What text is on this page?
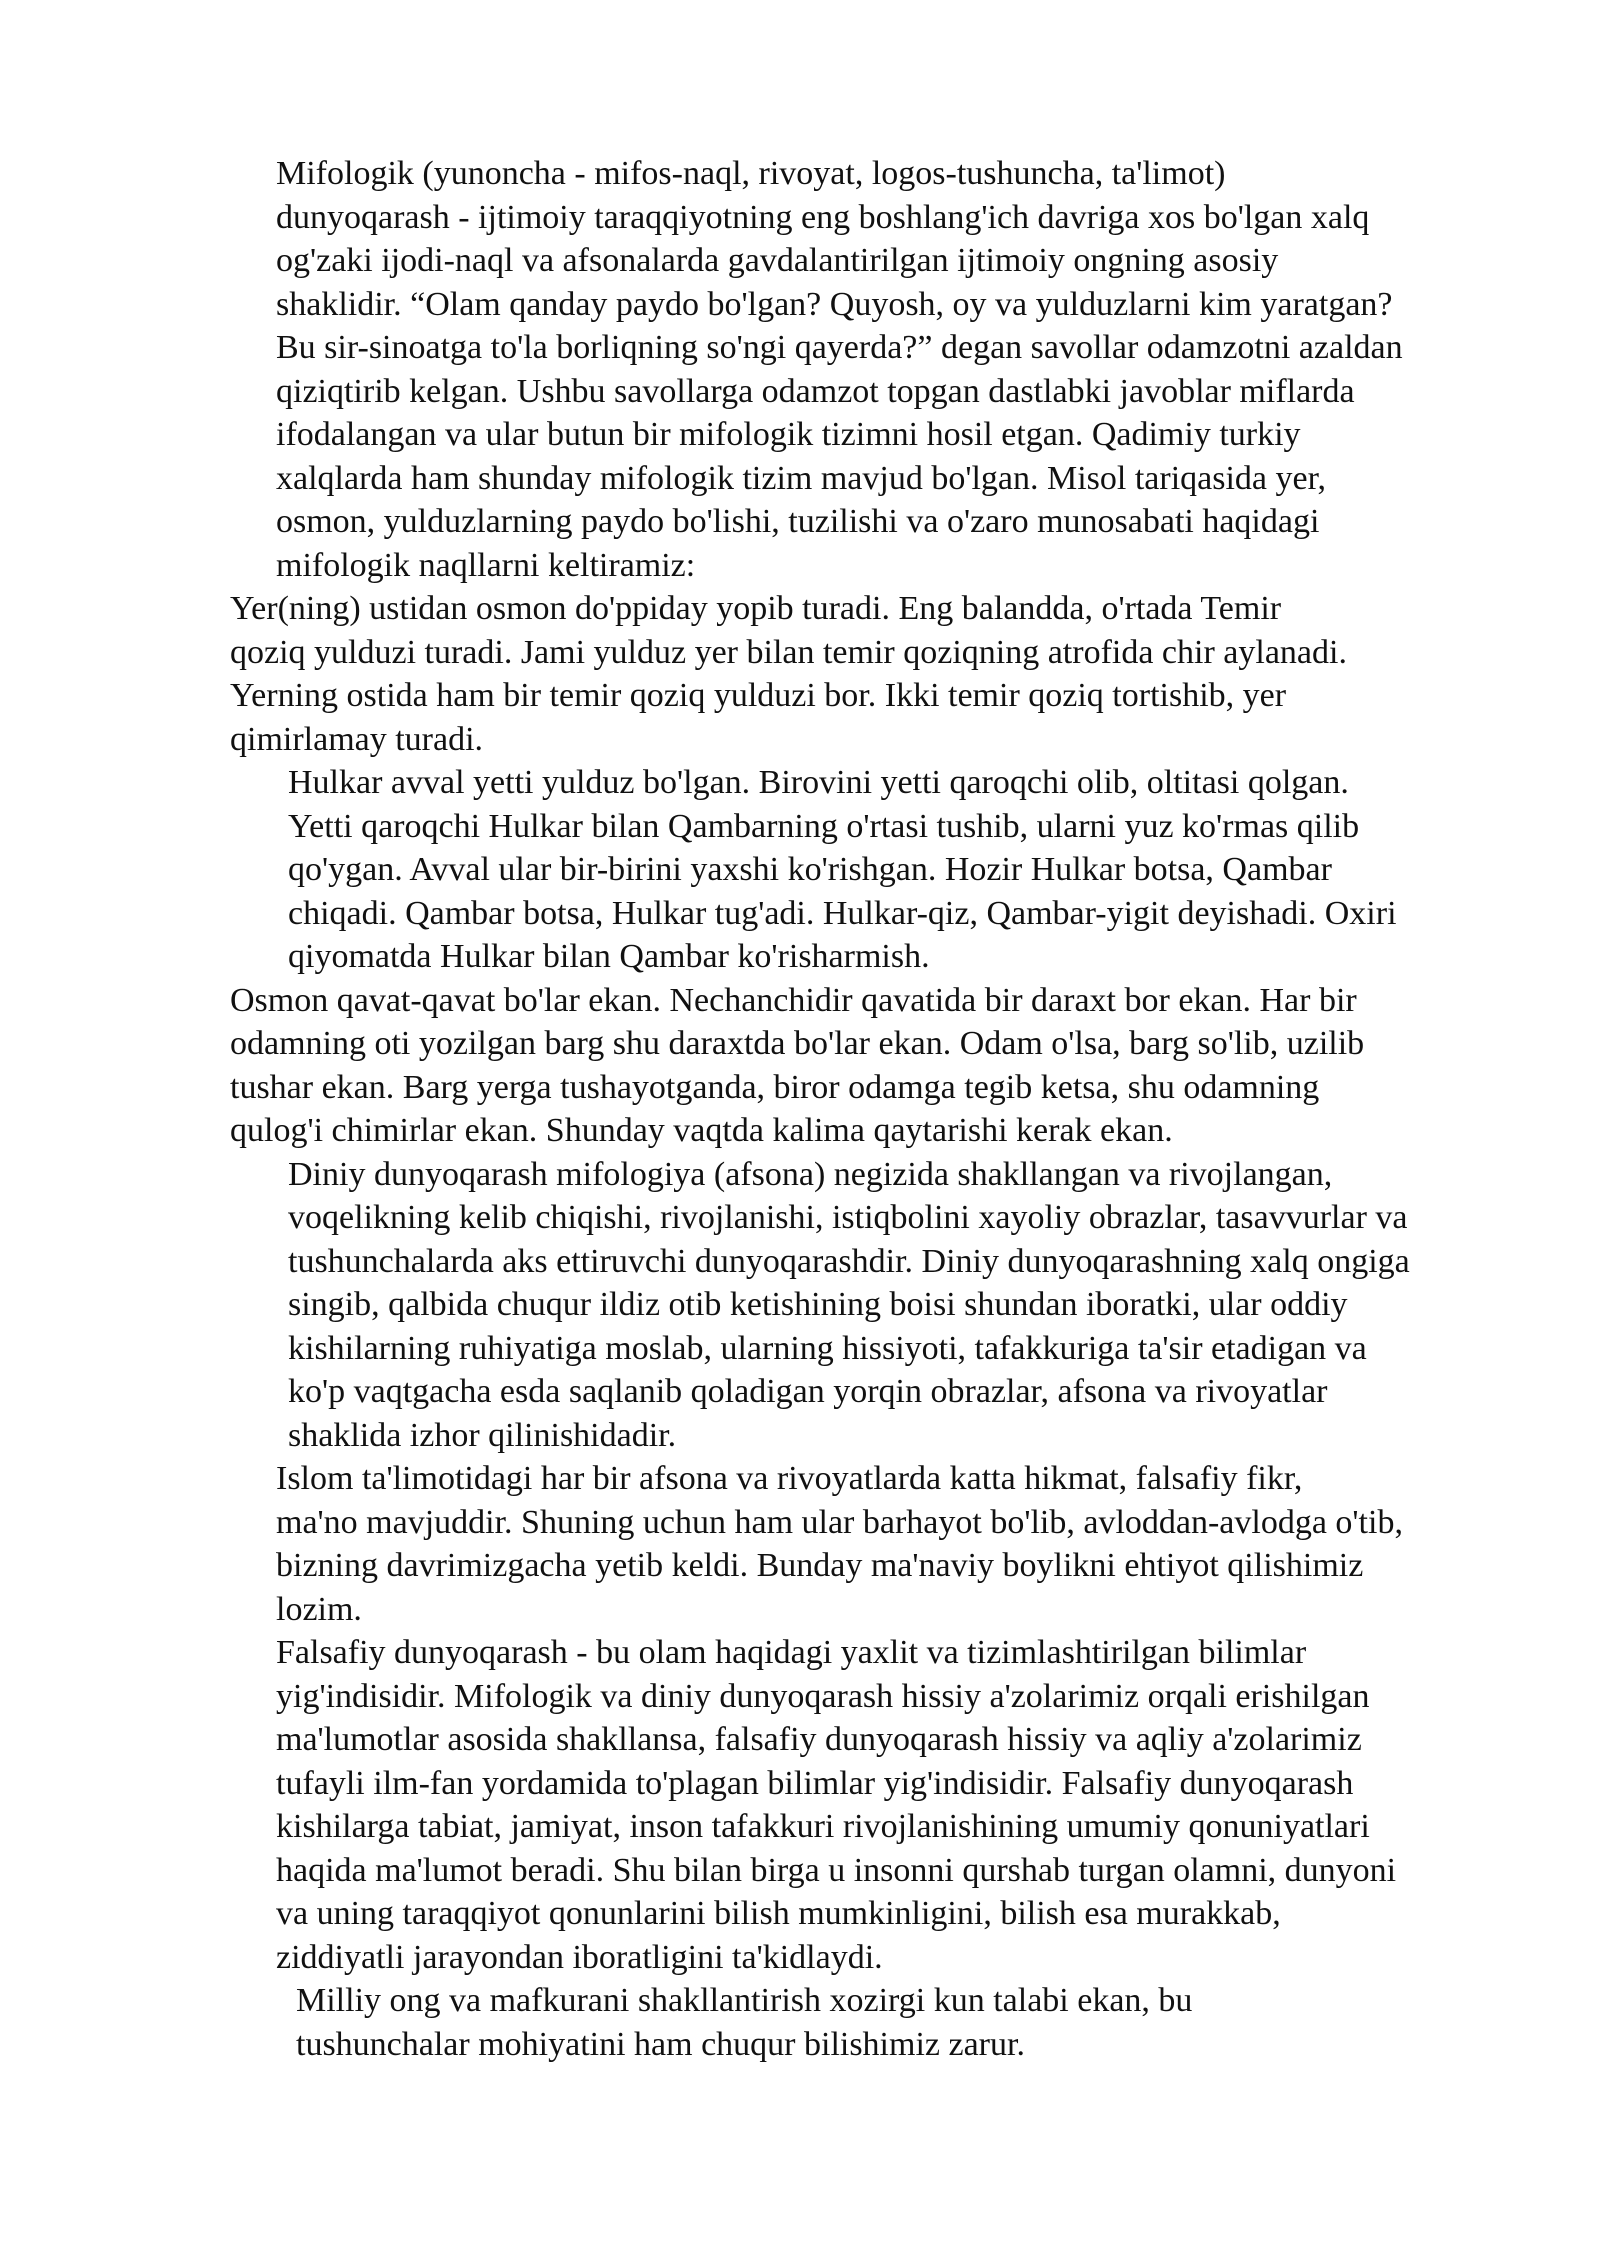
Mifologik (yunoncha - mifos-naql, rivoyat, logos-tushuncha, ta'limot)
dunyoqarash - ijtimoiy taraqqiyotning eng boshlang'ich davriga xos bo'lgan xalq
og'zaki ijodi-naql va afsonalarda gavdalantirilgan ijtimoiy ongning asosiy
shaklidir. “Olam qanday paydo bo'lgan? Quyosh, oy va yulduzlarni kim yaratgan?
Bu sir-sinoatga to'la borliqning so'ngi qayerda?” degan savollar odamzotni azaldan
qiziqtirib kelgan. Ushbu savollarga odamzot topgan dastlabki javoblar miflarda
ifodalangan va ular butun bir mifologik tizimni hosil etgan. Qadimiy turkiy
xalqlarda ham shunday mifologik tizim mavjud bo'lgan. Misol tariqasida yer,
osmon, yulduzlarning paydo bo'lishi, tuzilishi va o'zaro munosabati haqidagi
mifologik naqllarni keltiramiz:
Yer(ning) ustidan osmon do'ppiday yopib turadi. Eng balandda, o'rtada Temir
qoziq yulduzi turadi. Jami yulduz yer bilan temir qoziqning atrofida chir aylanadi.
Yerning ostida ham bir temir qoziq yulduzi bor. Ikki temir qoziq tortishib, yer
qimirlamay turadi.
Hulkar avval yetti yulduz bo'lgan. Birovini yetti qaroqchi olib, oltitasi qolgan.
Yetti qaroqchi Hulkar bilan Qambarning o'rtasi tushib, ularni yuz ko'rmas qilib
qo'ygan. Avval ular bir-birini yaxshi ko'rishgan. Hozir Hulkar botsa, Qambar
chiqadi. Qambar botsa, Hulkar tug'adi. Hulkar-qiz, Qambar-yigit deyishadi. Oxiri
qiyomatda Hulkar bilan Qambar ko'risharmish.
Osmon qavat-qavat bo'lar ekan. Nechanchidir qavatida bir daraxt bor ekan. Har bir
odamning oti yozilgan barg shu daraxtda bo'lar ekan. Odam o'lsa, barg so'lib, uzilib
tushar ekan. Barg yerga tushayotganda, biror odamga tegib ketsa, shu odamning
qulog'i chimirlar ekan. Shunday vaqtda kalima qaytarishi kerak ekan.
Diniy dunyoqarash mifologiya (afsona) negizida shakllangan va rivojlangan,
voqelikning kelib chiqishi, rivojlanishi, istiqbolini xayoliy obrazlar, tasavvurlar va
tushunchalarda aks ettiruvchi dunyoqarashdir. Diniy dunyoqarashning xalq ongiga
singib, qalbida chuqur ildiz otib ketishining boisi shundan iboratki, ular oddiy
kishilarning ruhiyatiga moslab, ularning hissiyoti, tafakkuriga ta'sir etadigan va
ko'p vaqtgacha esda saqlanib qoladigan yorqin obrazlar, afsona va rivoyatlar
shaklida izhor qilinishidadir.
Islom ta'limotidagi har bir afsona va rivoyatlarda katta hikmat, falsafiy fikr,
ma'no mavjuddir. Shuning uchun ham ular barhayot bo'lib, avloddan-avlodga o'tib,
bizning davrimizgacha yetib keldi. Bunday ma'naviy boylikni ehtiyot qilishimiz
lozim.
Falsafiy dunyoqarash - bu olam haqidagi yaxlit va tizimlashtirilgan bilimlar
yig'indisidir. Mifologik va diniy dunyoqarash hissiy a'zolarimiz orqali erishilgan
ma'lumotlar asosida shakllansa, falsafiy dunyoqarash hissiy va aqliy a'zolarimiz
tufayli ilm-fan yordamida to'plagan bilimlar yig'indisidir. Falsafiy dunyoqarash
kishilarga tabiat, jamiyat, inson tafakkuri rivojlanishining umumiy qonuniyatlari
haqida ma'lumot beradi. Shu bilan birga u insonni qurshab turgan olamni, dunyoni
va uning taraqqiyot qonunlarini bilish mumkinligini, bilish esa murakkab,
ziddiyatli jarayondan iboratligini ta'kidlaydi.
Milliy ong va mafkurani shakllantirish xozirgi kun talabi ekan, bu
tushunchalar mohiyatini ham chuqur bilishimiz zarur.
